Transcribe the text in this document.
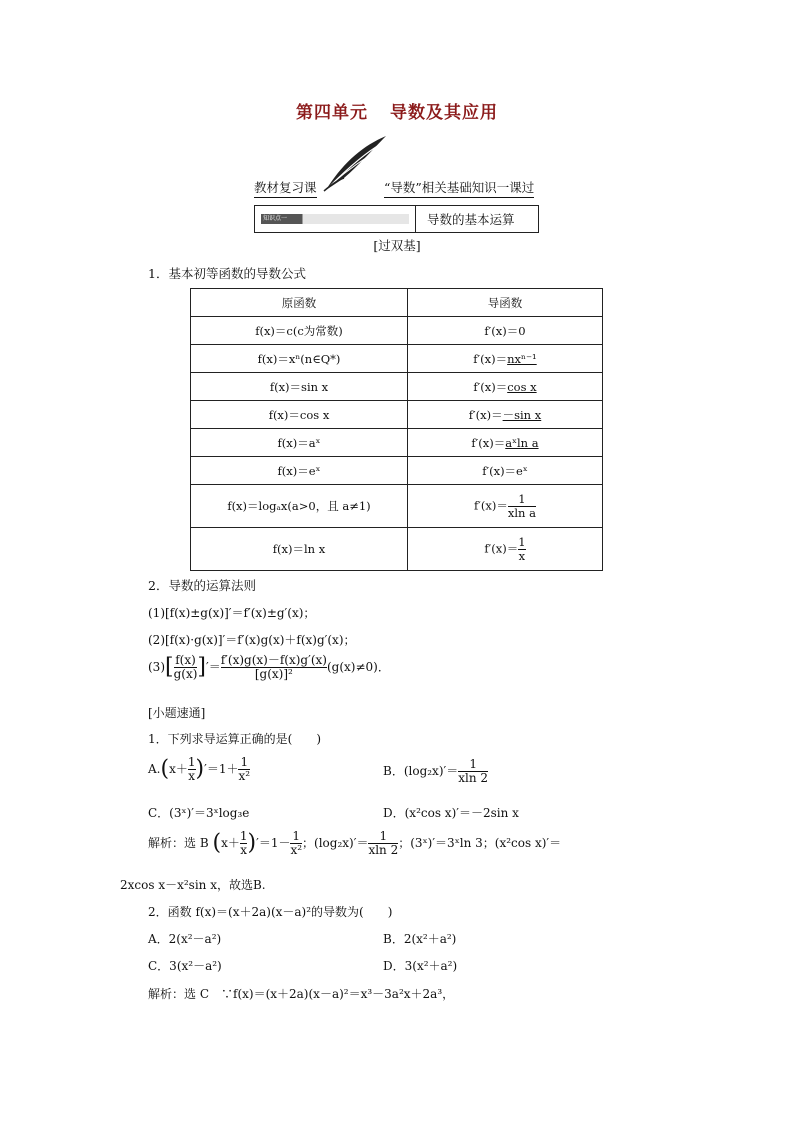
第四单元 导数及其应用
教材复习课	“导数”相关基础知识一课过
知识点一	导数的基本运算
[过双基]
1．基本初等函数的导数公式
原函数	导函数
f(x)＝c(c为常数)	f′(x)＝0
f(x)＝xⁿ(n∈Q*)	f′(x)＝nxⁿ⁻¹
f(x)＝sin x	f′(x)＝cos x
f(x)＝cos x	f′(x)＝－sin x
f(x)＝aˣ	f′(x)＝aˣln a
f(x)＝eˣ	f′(x)＝eˣ
f(x)＝logₐx(a>0，且 a≠1)	$f'(x)= \frac{1}{\text{xln a}}$

f(x)＝ln x	$f'(x)= \frac{1}{x}$
2．导数的运算法则
(1)[f(x)±g(x)]′＝f′(x)±g′(x)；
(2)[f(x)·g(x)]′＝f′(x)g(x)＋f(x)g′(x)；
$(3)[ \frac{f(x)}{g(x)}$ ]′＝ $\frac{f'(x)g(x)-f(x)g'(x)}{\text{[g(x)]²}} (g(x)\ne 0)$．
[小题速通]
1．下列求导运算正确的是(　　)
$A.(x+ \frac{1}{x} )'=1+ \frac{1}{\text{x²}}$	B．$(\log_2x)'= \frac{1}{xln 2}$
C．(3ˣ)′＝3ˣlog₃e	D．(x²cos x)′＝－2sin x
解析：选 B $(x+ \frac{1}{x} )'=1- \frac{1}{\text{x²}}$ ；$(\log_2x)'= \frac{1}{xln 2}$ ；(3ˣ)′＝3ˣln 3；(x²cos x)′＝
2xcos x－x²sin x，故选B.
2．函数 f(x)＝(x＋2a)(x－a)²的导数为(　　)
A．2(x²－a²)	B．2(x²＋a²)
C．3(x²－a²)	D．3(x²＋a²)
解析：选 C　∵f(x)＝(x＋2a)(x－a)²＝x³－3a²x＋2a³，
